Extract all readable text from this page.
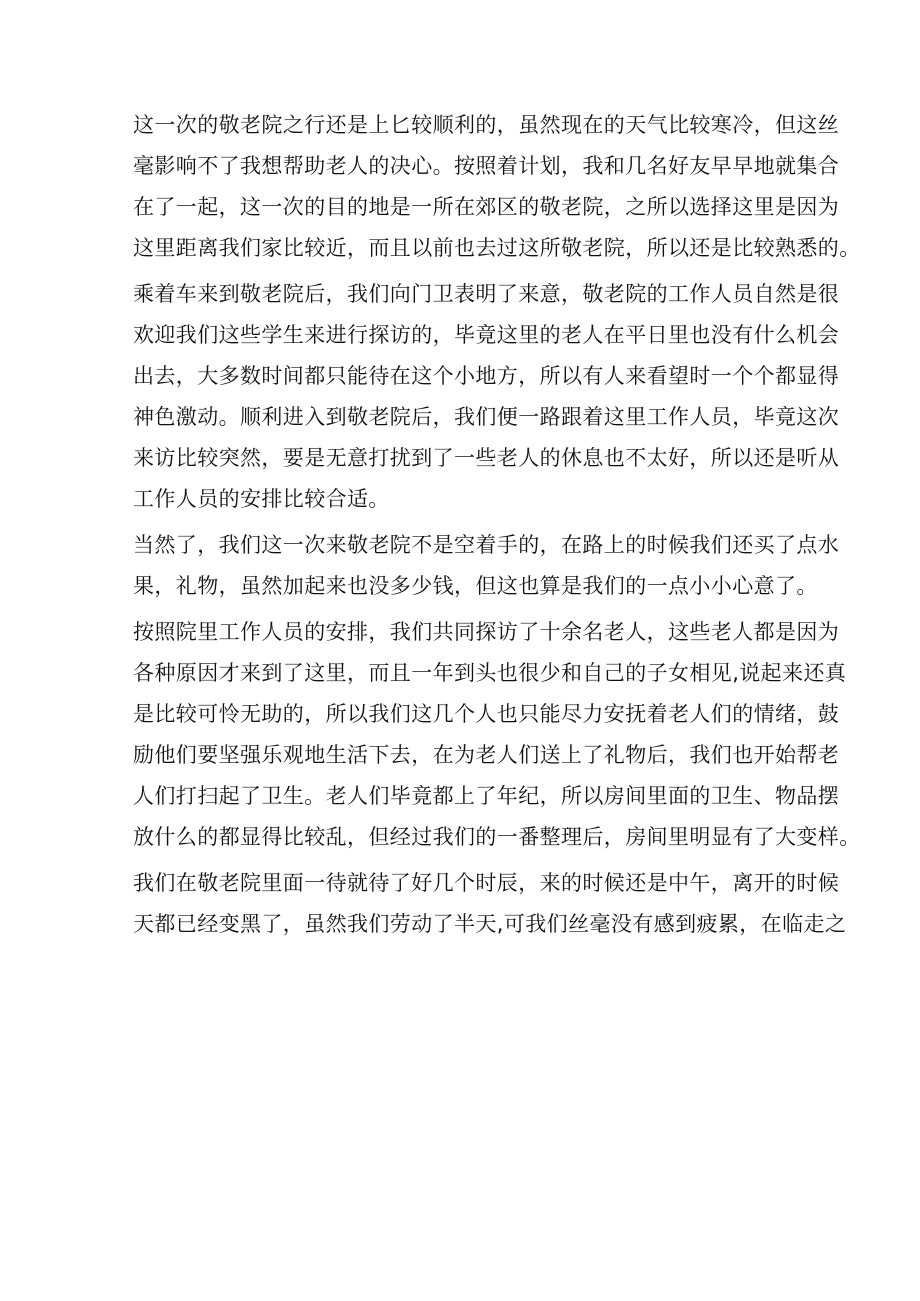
这一次的敬老院之行还是上匕较顺利的，虽然现在的天气比较寒冷，但这丝
毫影响不了我想帮助老人的决心。按照着计划，我和几名好友早早地就集合
在了一起，这一次的目的地是一所在郊区的敬老院，之所以选择这里是因为
这里距离我们家比较近，而且以前也去过这所敬老院，所以还是比较熟悉的。
乘着车来到敬老院后，我们向门卫表明了来意，敬老院的工作人员自然是很
欢迎我们这些学生来进行探访的，毕竟这里的老人在平日里也没有什么机会
出去，大多数时间都只能待在这个小地方，所以有人来看望时一个个都显得
神色激动。顺利进入到敬老院后，我们便一路跟着这里工作人员，毕竟这次
来访比较突然，要是无意打扰到了一些老人的休息也不太好，所以还是听从
工作人员的安排比较合适。
当然了，我们这一次来敬老院不是空着手的，在路上的时候我们还买了点水
果，礼物，虽然加起来也没多少钱，但这也算是我们的一点小小心意了。
按照院里工作人员的安排，我们共同探访了十余名老人，这些老人都是因为
各种原因才来到了这里，而且一年到头也很少和自己的子女相见,说起来还真
是比较可怜无助的，所以我们这几个人也只能尽力安抚着老人们的情绪，鼓
励他们要坚强乐观地生活下去，在为老人们送上了礼物后，我们也开始帮老
人们打扫起了卫生。老人们毕竟都上了年纪，所以房间里面的卫生、物品摆
放什么的都显得比较乱，但经过我们的一番整理后，房间里明显有了大变样。
我们在敬老院里面一待就待了好几个时辰，来的时候还是中午，离开的时候
天都已经变黑了，虽然我们劳动了半天,可我们丝毫没有感到疲累，在临走之
